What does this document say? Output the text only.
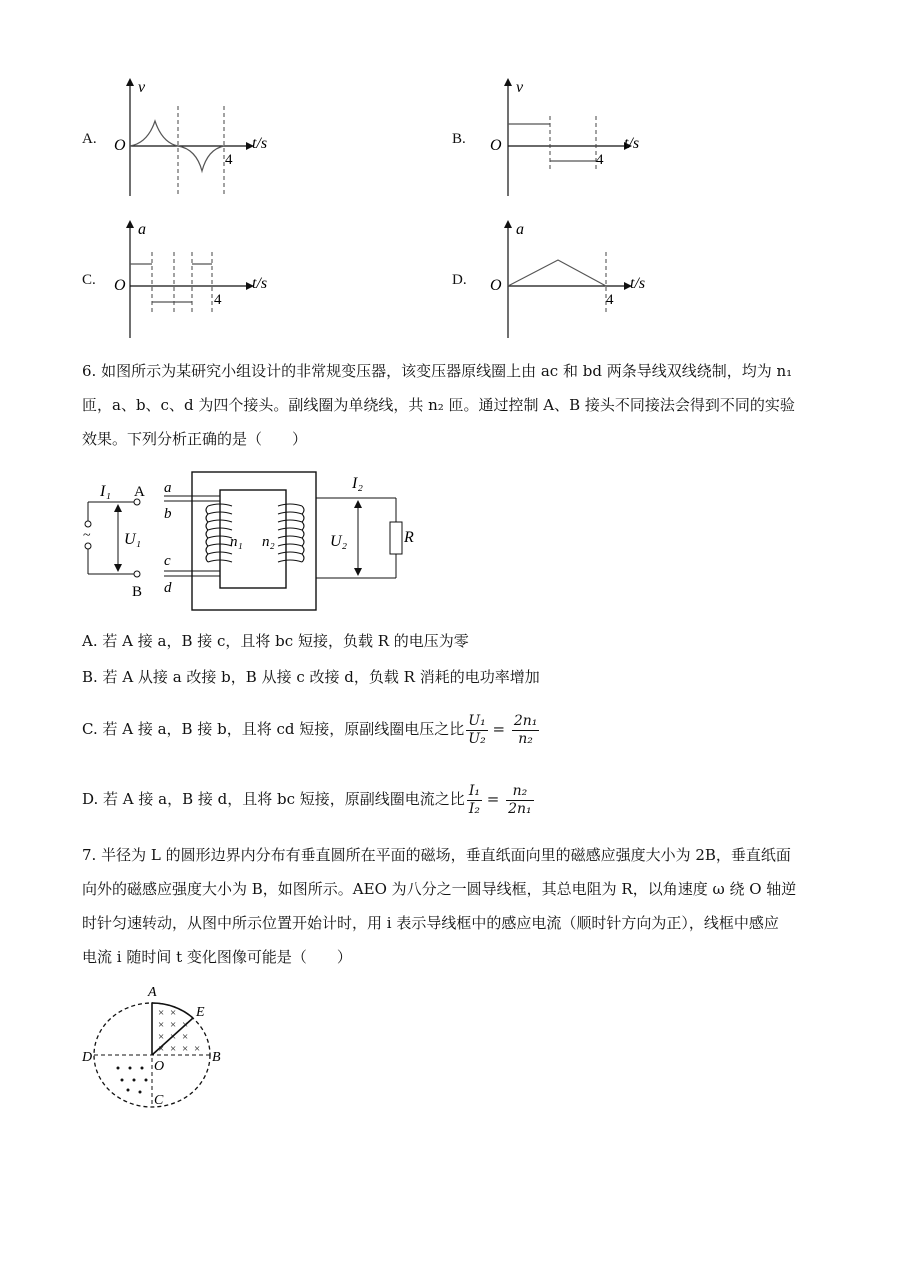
A.
v
O	t/s
4
B.
v
O	t/s
4
C.
a
O	t/s
4
D.
a
O	t/s
4
6. 如图所示为某研究小组设计的非常规变压器，该变压器原线圈上由 ac 和 bd 两条导线双线绕制，均为 n₁
匝，a、b、c、d 为四个接头。副线圈为单绕线，共 n₂ 匝。通过控制 A、B 接头不同接法会得到不同的实验
效果。下列分析正确的是（　　）
I₁ A
~ U₁
B
a
b
c
d
n₁ n₂
I₂
U₂	R
A. 若 A 接 a，B 接 c，且将 bc 短接，负载 R 的电压为零
B. 若 A 从接 a 改接 b，B 从接 c 改接 d，负载 R 消耗的电功率增加
C. 若 A 接 a，B 接 b，且将 cd 短接，原副线圈电压之比 $\frac{\text{U₁}}{\text{U₂}} = \frac{\text{2n₁}}{\text{n₂}}$
D. 若 A 接 a，B 接 d，且将 bc 短接，原副线圈电流之比 $\frac{\text{I₁}}{\text{I₂}} = \frac{\text{n₂}}{\text{2n₁}}$
7. 半径为 L 的圆形边界内分布有垂直圆所在平面的磁场，垂直纸面向里的磁感应强度大小为 2B，垂直纸面
向外的磁感应强度大小为 B，如图所示。AEO 为八分之一圆导线框，其总电阻为 R，以角速度 ω 绕 O 轴逆
时针匀速转动，从图中所示位置开始计时，用 i 表示导线框中的感应电流（顺时针方向为正），线框中感应
电流 i 随时间 t 变化图像可能是（　　）
× ×
× × ×
× × ×
× × × ×
A
E
D	B
O
C
